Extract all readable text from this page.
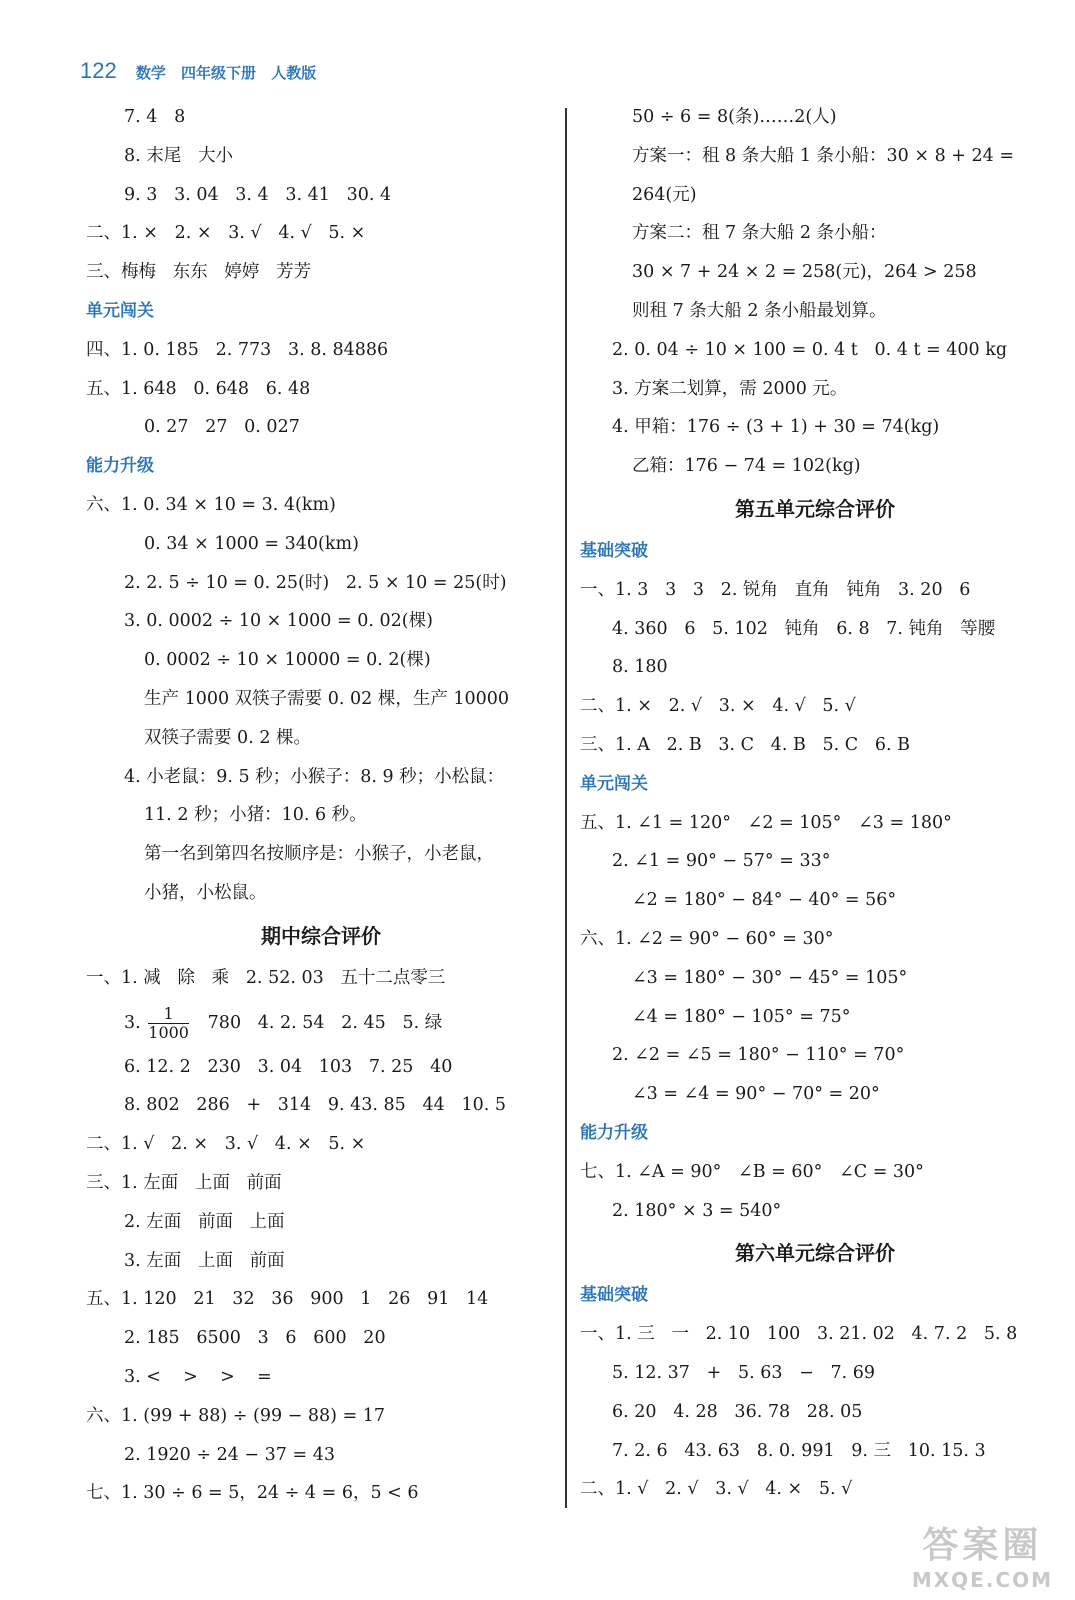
122 数学 四年级下册 人教版
7. 4   8
8. 末尾   大小
9. 3   3. 04   3. 4   3. 41   30. 4
二、1. ×   2. ×   3. √   4. √   5. ×
三、梅梅   东东   婷婷   芳芳
单元闯关
四、1. 0. 185   2. 773   3. 8. 84886
五、1. 648   0. 648   6. 48
0. 27   27   0. 027
能力升级
六、1. 0. 34 × 10 = 3. 4(km)
0. 34 × 1000 = 340(km)
2. 2. 5 ÷ 10 = 0. 25(时)   2. 5 × 10 = 25(时)
3. 0. 0002 ÷ 10 × 1000 = 0. 02(棵)
0. 0002 ÷ 10 × 10000 = 0. 2(棵)
生产 1000 双筷子需要 0. 02 棵，生产 10000
双筷子需要 0. 2 棵。
4. 小老鼠：9. 5 秒；小猴子：8. 9 秒；小松鼠：
11. 2 秒；小猪：10. 6 秒。
第一名到第四名按顺序是：小猴子，小老鼠，
小猪，小松鼠。
期中综合评价
一、1. 减   除   乘   2. 52. 03   五十二点零三
3. $\frac{1}{1000} 780$   4. 2. 54   2. 45   5. 绿
6. 12. 2   230   3. 04   103   7. 25   40
8. 802   286   +   314   9. 43. 85   44   10. 5
二、1. √   2. ×   3. √   4. ×   5. ×
三、1. 左面   上面   前面
2. 左面   前面   上面
3. 左面   上面   前面
五、1. 120   21   32   36   900   1   26   91   14
2. 185   6500   3   6   600   20
3. <    >    >    =
六、1. (99 + 88) ÷ (99 − 88) = 17
2. 1920 ÷ 24 − 37 = 43
七、1. 30 ÷ 6 = 5，24 ÷ 4 = 6，5 < 6
50 ÷ 6 = 8(条)……2(人)
方案一：租 8 条大船 1 条小船：30 × 8 + 24 =
264(元)
方案二：租 7 条大船 2 条小船：
30 × 7 + 24 × 2 = 258(元)，264 > 258
则租 7 条大船 2 条小船最划算。
2. 0. 04 ÷ 10 × 100 = 0. 4 t   0. 4 t = 400 kg
3. 方案二划算，需 2000 元。
4. 甲箱：176 ÷ (3 + 1) + 30 = 74(kg)
乙箱：176 − 74 = 102(kg)
第五单元综合评价
基础突破
一、1. 3   3   3   2. 锐角   直角   钝角   3. 20   6
4. 360   6   5. 102   钝角   6. 8   7. 钝角   等腰
8. 180
二、1. ×   2. √   3. ×   4. √   5. √
三、1. A   2. B   3. C   4. B   5. C   6. B
单元闯关
五、1. ∠1 = 120°   ∠2 = 105°   ∠3 = 180°
2. ∠1 = 90° − 57° = 33°
∠2 = 180° − 84° − 40° = 56°
六、1. ∠2 = 90° − 60° = 30°
∠3 = 180° − 30° − 45° = 105°
∠4 = 180° − 105° = 75°
2. ∠2 = ∠5 = 180° − 110° = 70°
∠3 = ∠4 = 90° − 70° = 20°
能力升级
七、1. ∠A = 90°   ∠B = 60°   ∠C = 30°
2. 180° × 3 = 540°
第六单元综合评价
基础突破
一、1. 三   一   2. 10   100   3. 21. 02   4. 7. 2   5. 8
5. 12. 37   +   5. 63   −   7. 69
6. 20   4. 28   36. 78   28. 05
7. 2. 6   43. 63   8. 0. 991   9. 三   10. 15. 3
二、1. √   2. √   3. √   4. ×   5. √
答案圈
MXQE.COM
